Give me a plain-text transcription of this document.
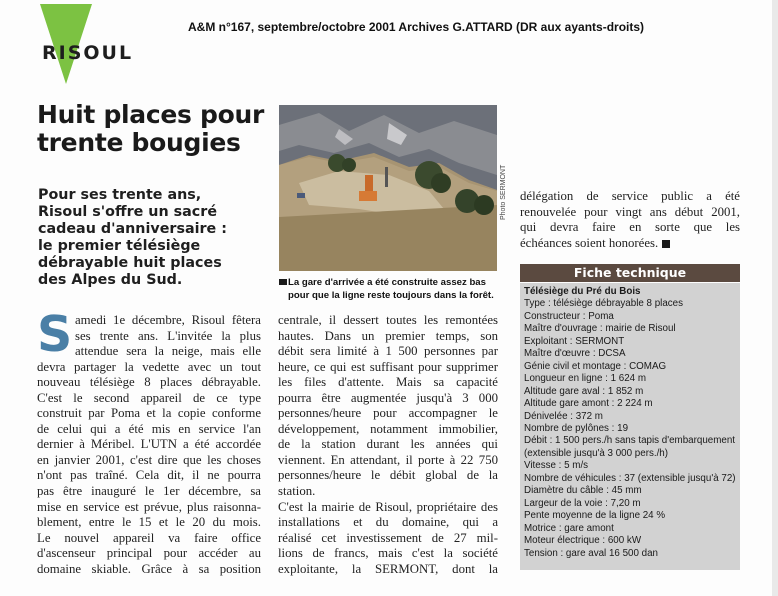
RISOUL

A&M n°167, septembre/octobre 2001 Archives G.ATTARD (DR aux ayants-droits)

Huit places pour
trente bougies

Pour ses trente ans,
Risoul s'offre un sacré
cadeau d'anniversaire :
le premier télésiège
débrayable huit places
des Alpes du Sud.

Photo SERMONT

La gare d'arrivée a été construite assez bas
pour que la ligne reste toujours dans la forêt.

S amedi 1e décembre, Risoul fêtera
ses trente ans. L'invitée la plus
attendue sera la neige, mais elle
devra partager la vedette avec un tout
nouveau télésiège 8 places débrayable.
C'est le second appareil de ce type
construit par Poma et la copie conforme
de celui qui a été mis en service l'an
dernier à Méribel. L'UTN a été accordée
en janvier 2001, c'est dire que les choses
n'ont pas traîné. Cela dit, il ne pourra
pas être inauguré le 1er décembre, sa
mise en service est prévue, plus raisonna-
blement, entre le 15 et le 20 du mois.
Le nouvel appareil va faire office
d'ascenseur principal pour accéder au
domaine skiable. Grâce à sa position
centrale, il dessert toutes les remontées
hautes. Dans un premier temps, son
débit sera limité à 1 500 personnes par
heure, ce qui est suffisant pour supprimer
les files d'attente. Mais sa capacité
pourra être augmentée jusqu'à 3 000
personnes/heure pour accompagner le
développement, notamment immobilier,
de la station durant les années qui
viennent. En attendant, il porte à 22 750
personnes/heure le débit global de la
station.
C'est la mairie de Risoul, propriétaire des
installations et du domaine, qui a
réalisé cet investissement de 27 mil-
lions de francs, mais c'est la société
exploitante, la SERMONT, dont la
délégation de service public a été
renouvelée pour vingt ans début 2001,
qui devra faire en sorte que les
échéances soient honorées.
Fiche technique
Télésiège du Pré du Bois
Type : télésiège débrayable 8 places
Constructeur : Poma
Maître d'ouvrage : mairie de Risoul
Exploitant : SERMONT
Maître d'œuvre : DCSA
Génie civil et montage : COMAG
Longueur en ligne : 1 624 m
Altitude gare aval : 1 852 m
Altitude gare amont : 2 224 m
Dénivelée : 372 m
Nombre de pylônes : 19
Débit : 1 500 pers./h sans tapis d'embarquement
(extensible jusqu'à 3 000 pers./h)
Vitesse : 5 m/s
Nombre de véhicules : 37 (extensible jusqu'à 72)
Diamètre du câble : 45 mm
Largeur de la voie : 7,20 m
Pente moyenne de la ligne 24 %
Motrice : gare amont
Moteur électrique : 600 kW
Tension : gare aval 16 500 dan
